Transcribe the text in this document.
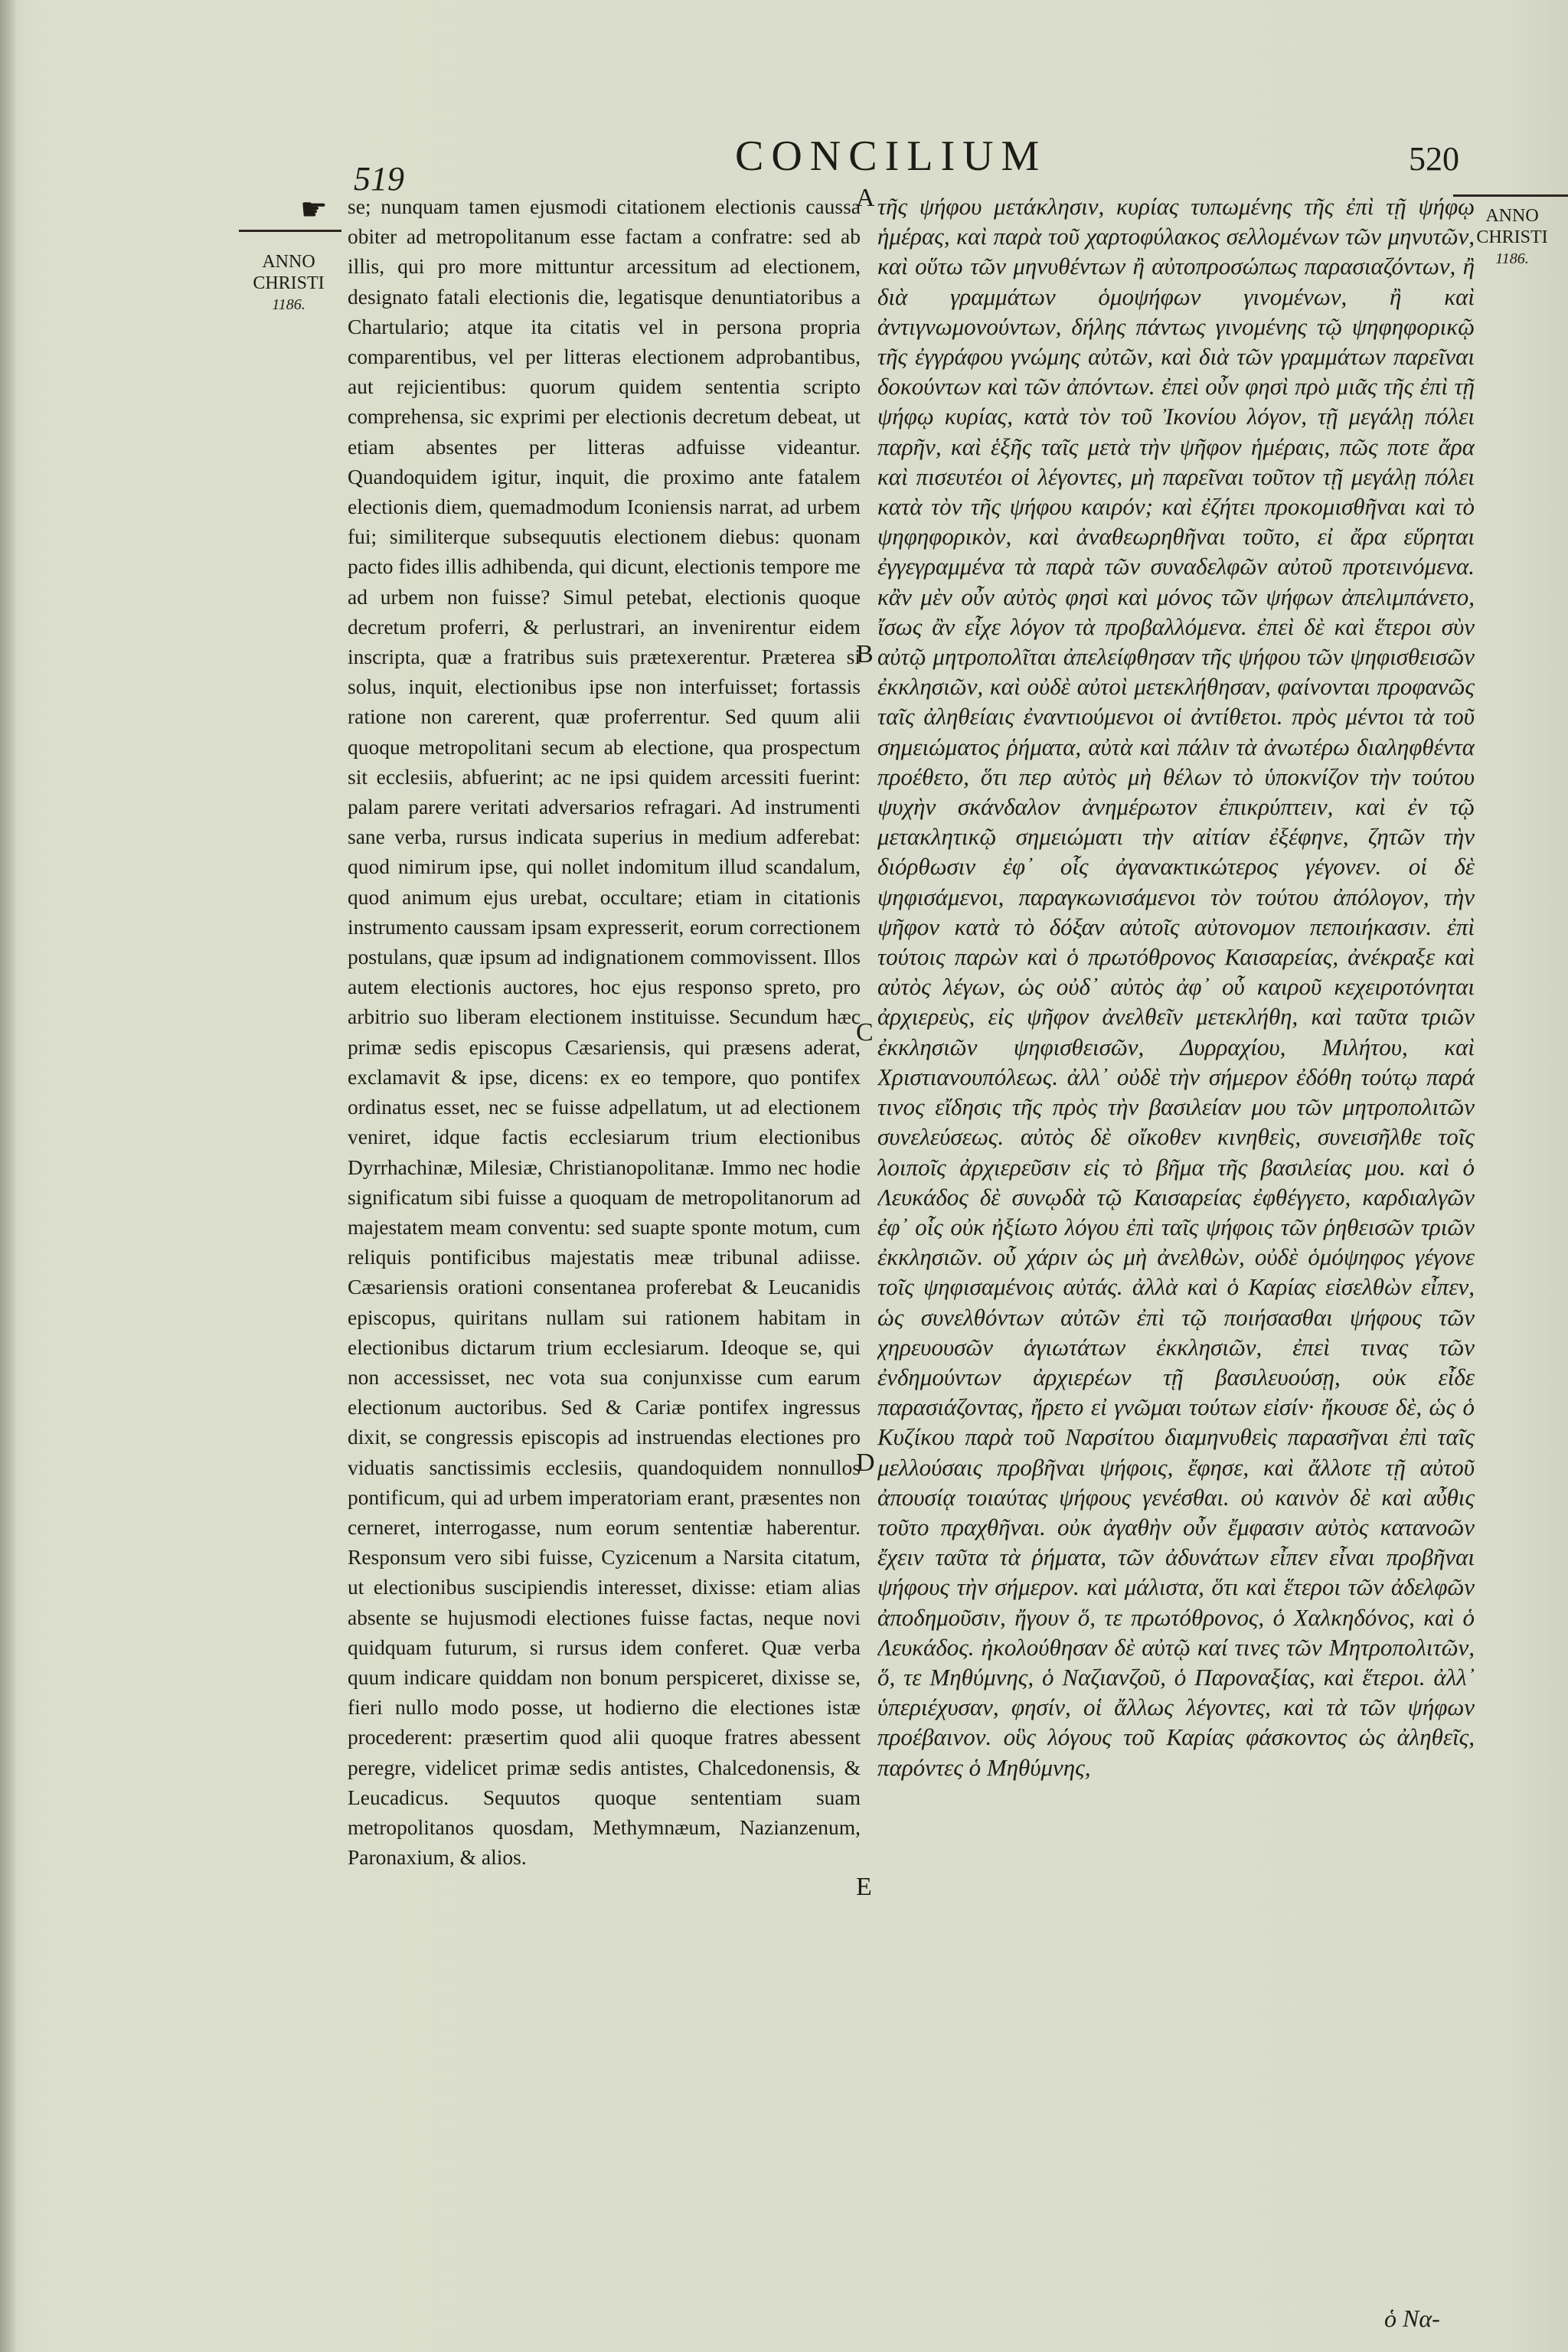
519	CONCILIUM	520
☛
ANNO
CHRISTI
1186.
ANNO
CHRISTI
1186.
se; nunquam tamen ejusmodi citationem electionis caussa obiter ad metropolitanum esse factam a confratre: sed ab illis, qui pro more mittuntur arcessitum ad electionem, designato fatali electionis die, legatisque denuntiatoribus a Chartulario; atque ita citatis vel in persona propria comparentibus, vel per litteras electionem adprobantibus, aut rejicientibus: quorum quidem sententia scripto comprehensa, sic exprimi per electionis decretum debeat, ut etiam absentes per litteras adfuisse videantur. Quandoquidem igitur, inquit, die proximo ante fatalem electionis diem, quemadmodum Iconiensis narrat, ad urbem fui; similiterque subsequutis electionem diebus: quonam pacto fides illis adhibenda, qui dicunt, electionis tempore me ad urbem non fuisse? Simul petebat, electionis quoque decretum proferri, & perlustrari, an invenirentur eidem inscripta, quæ a fratribus suis prætexerentur. Præterea si solus, inquit, electionibus ipse non interfuisset; fortassis ratione non carerent, quæ proferrentur. Sed quum alii quoque metropolitani secum ab electione, qua prospectum sit ecclesiis, abfuerint; ac ne ipsi quidem arcessiti fuerint: palam parere veritati adversarios refragari. Ad instrumenti sane verba, rursus indicata superius in medium adferebat: quod nimirum ipse, qui nollet indomitum illud scandalum, quod animum ejus urebat, occultare; etiam in citationis instrumento caussam ipsam expresserit, eorum correctionem postulans, quæ ipsum ad indignationem commovissent. Illos autem electionis auctores, hoc ejus responso spreto, pro arbitrio suo liberam electionem instituisse. Secundum hæc primæ sedis episcopus Cæsariensis, qui præsens aderat, exclamavit & ipse, dicens: ex eo tempore, quo pontifex ordinatus esset, nec se fuisse adpellatum, ut ad electionem veniret, idque factis ecclesiarum trium electionibus Dyrrhachinæ, Milesiæ, Christianopolitanæ. Immo nec hodie significatum sibi fuisse a quoquam de metropolitanorum ad majestatem meam conventu: sed suapte sponte motum, cum reliquis pontificibus majestatis meæ tribunal adiisse. Cæsariensis orationi consentanea proferebat & Leucanidis episcopus, quiritans nullam sui rationem habitam in electionibus dictarum trium ecclesiarum. Ideoque se, qui non accessisset, nec vota sua conjunxisse cum earum electionum auctoribus. Sed & Cariæ pontifex ingressus dixit, se congressis episcopis ad instruendas electiones pro viduatis sanctissimis ecclesiis, quandoquidem nonnullos pontificum, qui ad urbem imperatoriam erant, præsentes non cerneret, interrogasse, num eorum sententiæ haberentur. Responsum vero sibi fuisse, Cyzicenum a Narsita citatum, ut electionibus suscipiendis interesset, dixisse: etiam alias absente se hujusmodi electiones fuisse factas, neque novi quidquam futurum, si rursus idem conferet. Quæ verba quum indicare quiddam non bonum perspiceret, dixisse se, fieri nullo modo posse, ut hodierno die electiones istæ procederent: præsertim quod alii quoque fratres abessent peregre, videlicet primæ sedis antistes, Chalcedonensis, & Leucadicus. Sequutos quoque sententiam suam metropolitanos quosdam, Methymnæum, Nazianzenum, Paronaxium, & alios.
A
B
C
D
E
τῆς ψήφου μετάκλησιν, κυρίας τυπωμένης τῆς ἐπὶ τῇ ψήφῳ ἡμέρας, καὶ παρὰ τοῦ χαρτοφύλακος σελλομένων τῶν μηνυτῶν, καὶ οὕτω τῶν μηνυθέντων ἢ αὐτοπροσώπως παρασιαζόντων, ἢ διὰ γραμμάτων ὁμοψήφων γινομένων, ἢ καὶ ἀντιγνωμονούντων, δήλης πάντως γινομένης τῷ ψηφηφορικῷ τῆς ἐγγράφου γνώμης αὐτῶν, καὶ διὰ τῶν γραμμάτων παρεῖναι δοκούντων καὶ τῶν ἀπόντων. ἐπεὶ οὖν φησὶ πρὸ μιᾶς τῆς ἐπὶ τῇ ψήφῳ κυρίας, κατὰ τὸν τοῦ Ἰκονίου λόγον, τῇ μεγάλῃ πόλει παρῆν, καὶ ἑξῆς ταῖς μετὰ τὴν ψῆφον ἡμέραις, πῶς ποτε ἄρα καὶ πισευτέοι οἱ λέγοντες, μὴ παρεῖναι τοῦτον τῇ μεγάλῃ πόλει κατὰ τὸν τῆς ψήφου καιρόν; καὶ ἐζήτει προκομισθῆναι καὶ τὸ ψηφηφορικὸν, καὶ ἀναθεωρηθῆναι τοῦτο, εἰ ἄρα εὕρηται ἐγγεγραμμένα τὰ παρὰ τῶν συναδελφῶν αὐτοῦ προτεινόμενα. κἂν μὲν οὖν αὐτὸς φησὶ καὶ μόνος τῶν ψήφων ἀπελιμπάνετο, ἴσως ἂν εἶχε λόγον τὰ προβαλλόμενα. ἐπεὶ δὲ καὶ ἕτεροι σὺν αὐτῷ μητροπολῖται ἀπελείφθησαν τῆς ψήφου τῶν ψηφισθεισῶν ἐκκλησιῶν, καὶ οὐδὲ αὐτοὶ μετεκλήθησαν, φαίνονται προφανῶς ταῖς ἀληθείαις ἐναντιούμενοι οἱ ἀντίθετοι. πρὸς μέντοι τὰ τοῦ σημειώματος ῥήματα, αὐτὰ καὶ πάλιν τὰ ἀνωτέρω διαληφθέντα προέθετο, ὅτι περ αὐτὸς μὴ θέλων τὸ ὑποκνίζον τὴν τούτου ψυχὴν σκάνδαλον ἀνημέρωτον ἐπικρύπτειν, καὶ ἐν τῷ μετακλητικῷ σημειώματι τὴν αἰτίαν ἐξέφηνε, ζητῶν τὴν διόρθωσιν ἐφ᾽ οἷς ἀγανακτικώτερος γέγονεν. οἱ δὲ ψηφισάμενοι, παραγκωνισάμενοι τὸν τούτου ἀπόλογον, τὴν ψῆφον κατὰ τὸ δόξαν αὐτοῖς αὐτονομον πεποιήκασιν. ἐπὶ τούτοις παρὼν καὶ ὁ πρωτόθρονος Καισαρείας, ἀνέκραξε καὶ αὐτὸς λέγων, ὡς οὐδ᾽ αὐτὸς ἀφ᾽ οὗ καιροῦ κεχειροτόνηται ἀρχιερεὺς, εἰς ψῆφον ἀνελθεῖν μετεκλήθη, καὶ ταῦτα τριῶν ἐκκλησιῶν ψηφισθεισῶν, Δυρραχίου, Μιλήτου, καὶ Χριστιανουπόλεως. ἀλλ᾽ οὐδὲ τὴν σήμερον ἐδόθη τούτῳ παρά τινος εἴδησις τῆς πρὸς τὴν βασιλείαν μου τῶν μητροπολιτῶν συνελεύσεως. αὐτὸς δὲ οἴκοθεν κινηθεὶς, συνεισῆλθε τοῖς λοιποῖς ἀρχιερεῦσιν εἰς τὸ βῆμα τῆς βασιλείας μου. καὶ ὁ Λευκάδος δὲ συνῳδὰ τῷ Καισαρείας ἐφθέγγετο, καρδιαλγῶν ἐφ᾽ οἷς οὐκ ἠξίωτο λόγου ἐπὶ ταῖς ψήφοις τῶν ῥηθεισῶν τριῶν ἐκκλησιῶν. οὗ χάριν ὡς μὴ ἀνελθὼν, οὐδὲ ὁμόψηφος γέγονε τοῖς ψηφισαμένοις αὐτάς. ἀλλὰ καὶ ὁ Καρίας εἰσελθὼν εἶπεν, ὡς συνελθόντων αὐτῶν ἐπὶ τῷ ποιήσασθαι ψήφους τῶν χηρευουσῶν ἁγιωτάτων ἐκκλησιῶν, ἐπεὶ τινας τῶν ἐνδημούντων ἀρχιερέων τῇ βασιλευούσῃ, οὐκ εἶδε παρασιάζοντας, ἤρετο εἰ γνῶμαι τούτων εἰσίν· ἤκουσε δὲ, ὡς ὁ Κυζίκου παρὰ τοῦ Ναρσίτου διαμηνυθεὶς παρασῆναι ἐπὶ ταῖς μελλούσαις προβῆναι ψήφοις, ἔφησε, καὶ ἄλλοτε τῇ αὐτοῦ ἀπουσίᾳ τοιαύτας ψήφους γενέσθαι. οὐ καινὸν δὲ καὶ αὖθις τοῦτο πραχθῆναι. οὐκ ἀγαθὴν οὖν ἔμφασιν αὐτὸς κατανοῶν ἔχειν ταῦτα τὰ ῥήματα, τῶν ἀδυνάτων εἶπεν εἶναι προβῆναι ψήφους τὴν σήμερον. καὶ μάλιστα, ὅτι καὶ ἕτεροι τῶν ἀδελφῶν ἀποδημοῦσιν, ἤγουν ὅ, τε πρωτόθρονος, ὁ Χαλκηδόνος, καὶ ὁ Λευκάδος. ἠκολούθησαν δὲ αὐτῷ καί τινες τῶν Μητροπολιτῶν, ὅ, τε Μηθύμνης, ὁ Ναζιανζοῦ, ὁ Παροναξίας, καὶ ἕτεροι. ἀλλ᾽ ὑπεριέχυσαν, φησίν, οἱ ἄλλως λέγοντες, καὶ τὰ τῶν ψήφων προέβαινον. οὓς λόγους τοῦ Καρίας φάσκοντος ὡς ἀληθεῖς, παρόντες ὁ Μηθύμνης,
ὁ Να-
